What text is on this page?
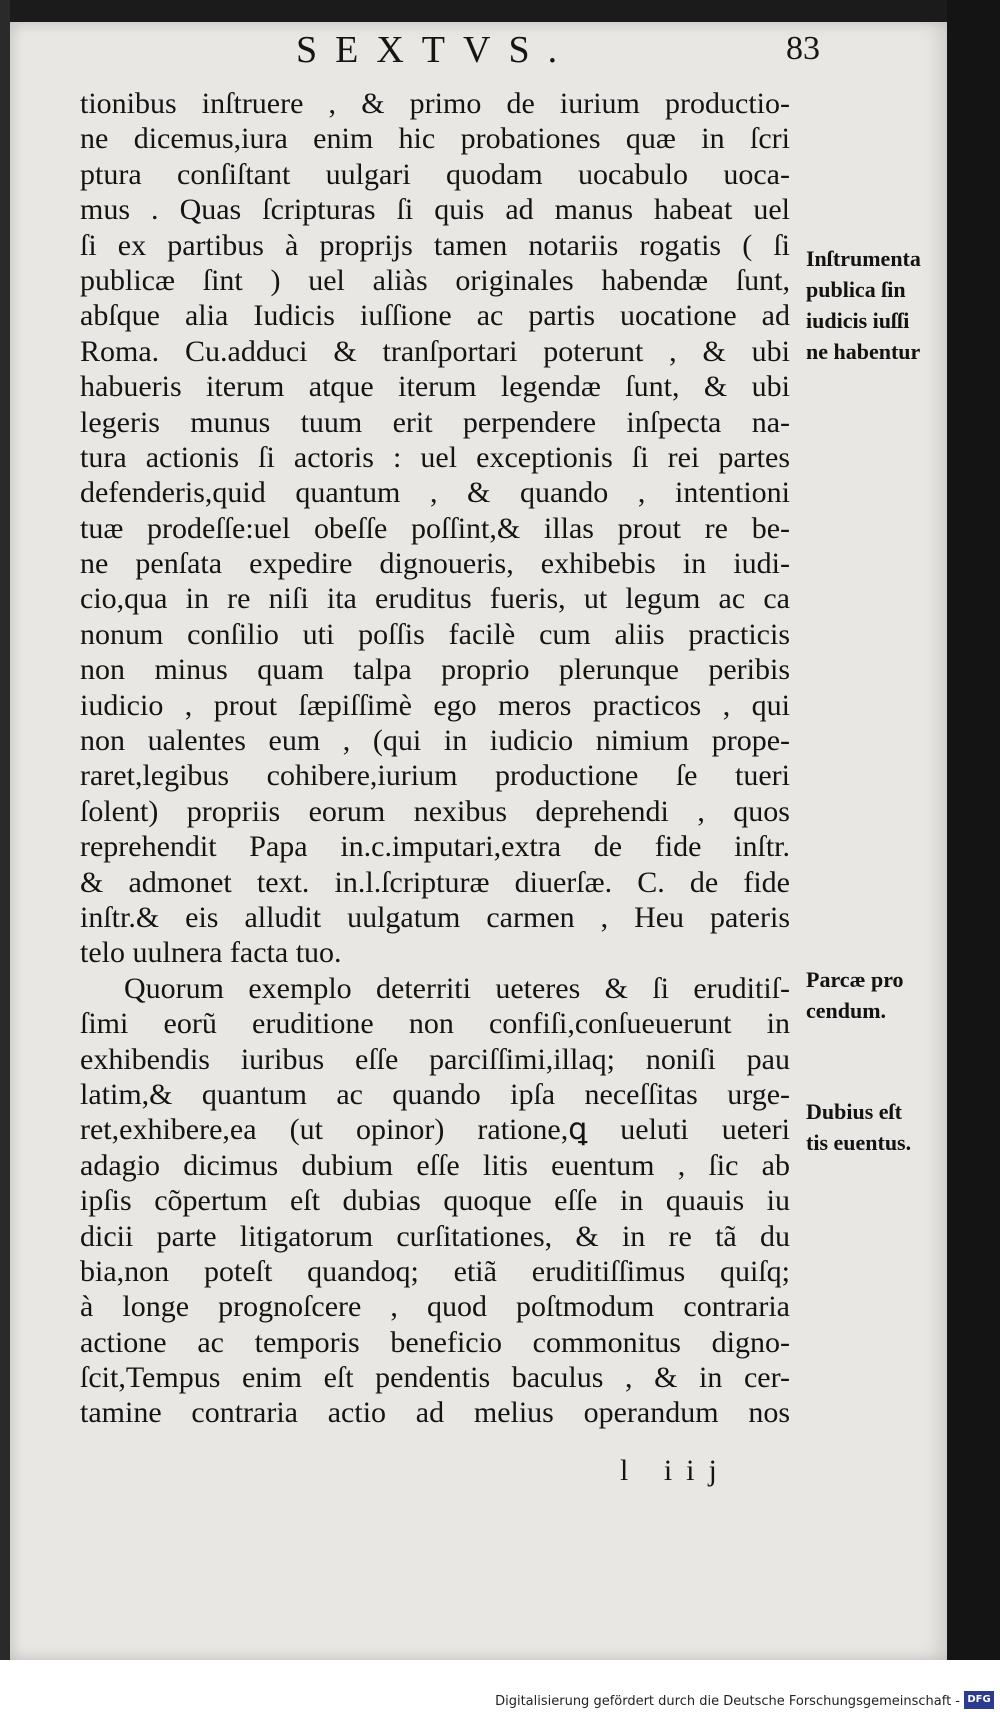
SEXTVS.	83
tionibus inſtruere , & primo de iurium productio-
ne dicemus,iura enim hic probationes quæ in ſcri
ptura conſiſtant uulgari quodam uocabulo uoca-
mus . Quas ſcripturas ſi quis ad manus habeat uel
ſi ex partibus à proprijs tamen notariis rogatis ( ſi
publicæ ſint ) uel aliàs originales habendæ ſunt,
abſque alia Iudicis iuſſione ac partis uocatione ad
Roma. Cu.adduci & tranſportari poterunt , & ubi
habueris iterum atque iterum legendæ ſunt, & ubi
legeris munus tuum erit perpendere inſpecta na-
tura actionis ſi actoris : uel exceptionis ſi rei partes
defenderis,quid quantum , & quando , intentioni
tuæ prodeſſe:uel obeſſe poſſint,& illas prout re be-
ne penſata expedire dignoueris, exhibebis in iudi-
cio,qua in re niſi ita eruditus fueris, ut legum ac ca
nonum conſilio uti poſſis facilè cum aliis practicis
non minus quam talpa proprio plerunque peribis
iudicio , prout ſæpiſſimè ego meros practicos , qui
non ualentes eum , (qui in iudicio nimium prope-
raret,legibus cohibere,iurium productione ſe tueri
ſolent) propriis eorum nexibus deprehendi , quos
reprehendit Papa in.c.imputari,extra de fide inſtr.
& admonet text. in.l.ſcripturæ diuerſæ. C. de fide
inſtr.& eis alludit uulgatum carmen , Heu pateris
telo uulnera facta tuo.
Quorum exemplo deterriti ueteres & ſi eruditiſ-
ſimi eorũ eruditione non confiſi,conſueuerunt in
exhibendis iuribus eſſe parciſſimi,illaq; noniſi pau
latim,& quantum ac quando ipſa neceſſitas urge-
ret,exhibere,ea (ut opinor) ratione,ꝗ ueluti ueteri
adagio dicimus dubium eſſe litis euentum , ſic ab
ipſis cõpertum eſt dubias quoque eſſe in quauis iu
dicii parte litigatorum curſitationes, & in re tã du
bia,non poteſt quandoq; etiã eruditiſſimus quiſq;
à longe prognoſcere , quod poſtmodum contraria
actione ac temporis beneficio commonitus digno-
ſcit,Tempus enim eſt pendentis baculus , & in cer-
tamine contraria actio ad melius operandum nos
Inſtrumenta
publica ſin
iudicis iuſſi
ne habentur
Parcæ pro
cendum.
Dubius eſt
tis euentus.
l iij
Digitalisierung gefördert durch die Deutsche Forschungsgemeinschaft - DFG
